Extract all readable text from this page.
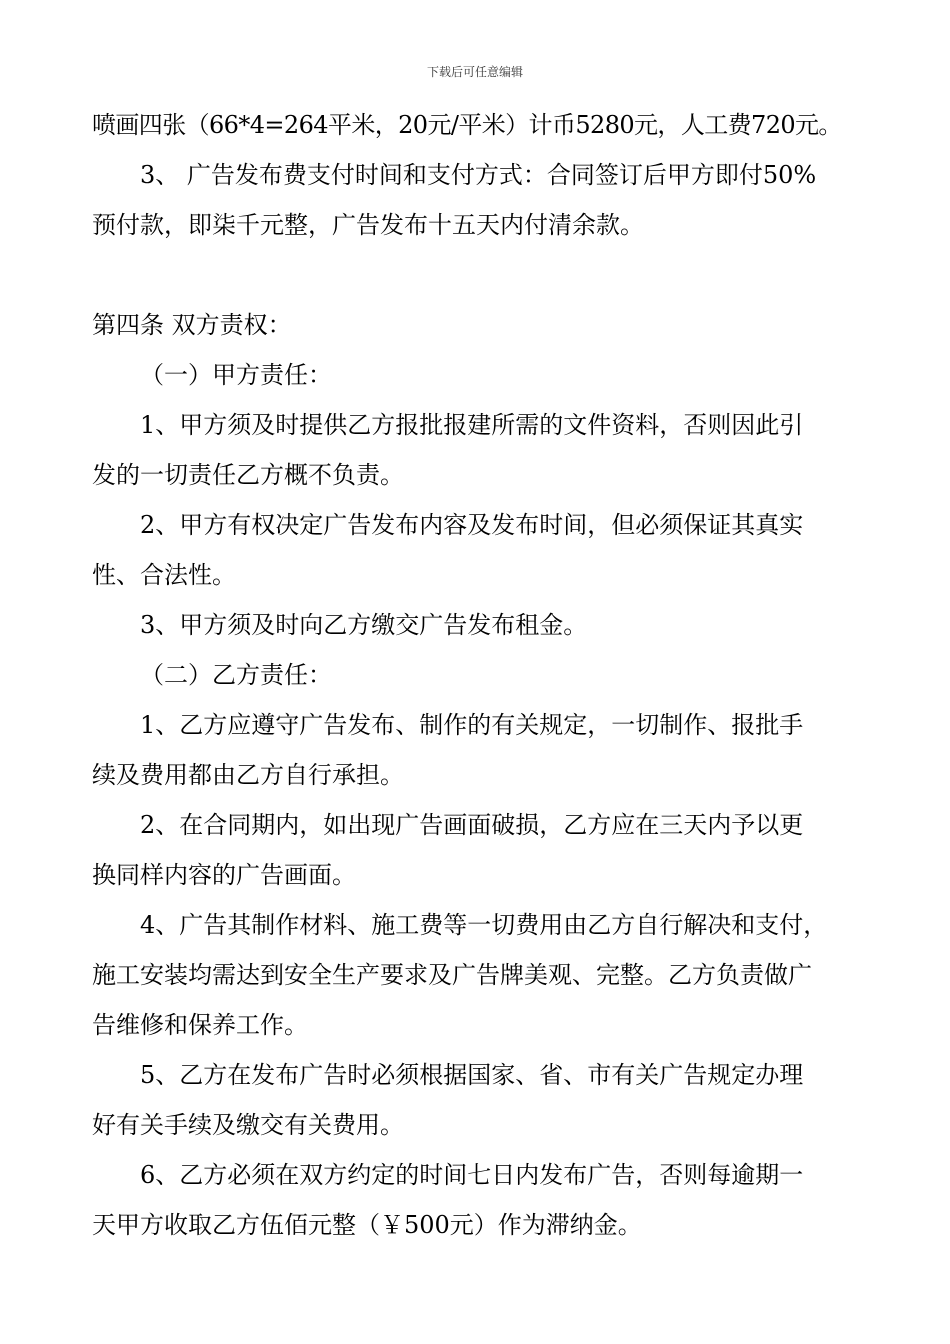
下载后可任意编辑

喷画四张（66*4=264平米，20元/平米）计币5280元，人工费720元。

3、 广告发布费支付时间和支付方式：合同签订后甲方即付50%

预付款，即柒千元整，广告发布十五天内付清余款。

第四条 双方责权：

（一）甲方责任：

1、甲方须及时提供乙方报批报建所需的文件资料，否则因此引

发的一切责任乙方概不负责。

2、甲方有权决定广告发布内容及发布时间，但必须保证其真实

性、合法性。

3、甲方须及时向乙方缴交广告发布租金。

（二）乙方责任：

1、乙方应遵守广告发布、制作的有关规定，一切制作、报批手

续及费用都由乙方自行承担。

2、在合同期内，如出现广告画面破损，乙方应在三天内予以更

换同样内容的广告画面。

4、广告其制作材料、施工费等一切费用由乙方自行解决和支付，

施工安装均需达到安全生产要求及广告牌美观、完整。乙方负责做广

告维修和保养工作。

5、乙方在发布广告时必须根据国家、省、市有关广告规定办理

好有关手续及缴交有关费用。

6、乙方必须在双方约定的时间七日内发布广告，否则每逾期一

天甲方收取乙方伍佰元整（￥500元）作为滞纳金。
